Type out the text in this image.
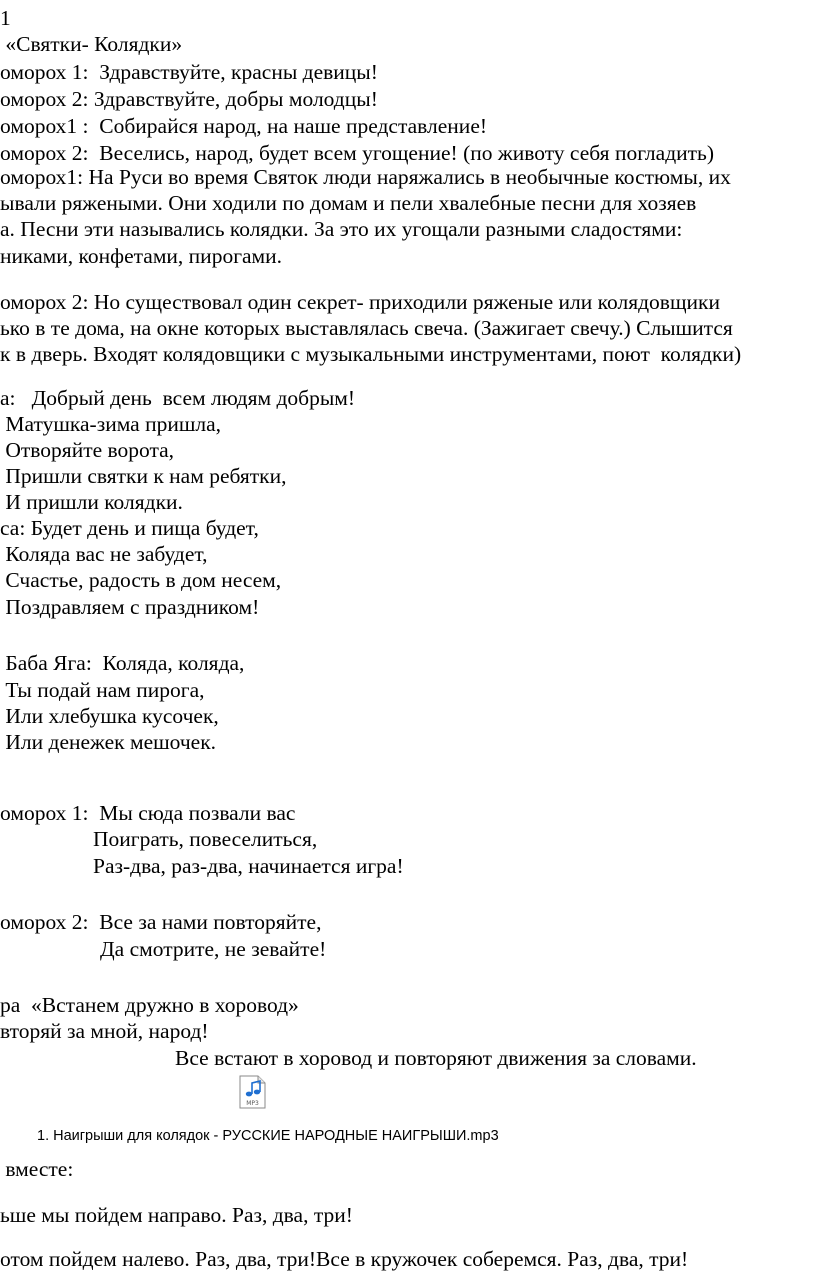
1

«Святки- Колядки»

оморох 1:  Здравствуйте, красны девицы!

оморох 2: Здравствуйте, добры молодцы!

оморох1 :  Собирайся народ, на наше представление!

оморох 2:  Веселись, народ, будет всем угощение! (по животу себя погладить)

оморох1: На Руси во время Святок люди наряжались в необычные костюмы, их

ывали ряжеными. Они ходили по домам и пели хвалебные песни для хозяев

а. Песни эти назывались колядки. За это их угощали разными сладостями:

никами, конфетами, пирогами.

оморох 2: Но существовал один секрет- приходили ряженые или колядовщики

ько в те дома, на окне которых выставлялась свеча. (Зажигает свечу.) Слышится

к в дверь. Входят колядовщики с музыкальными инструментами, поют  колядки)

а:   Добрый день  всем людям добрым!

Матушка-зима пришла,

Отворяйте ворота,

Пришли святки к нам ребятки,

И пришли колядки.

са: Будет день и пища будет,

Коляда вас не забудет,

Счастье, радость в дом несем,

Поздравляем с праздником!

Баба Яга:  Коляда, коляда,

Ты подай нам пирога,

Или хлебушка кусочек,

Или денежек мешочек.

оморох 1:  Мы сюда позвали вас

Поиграть, повеселиться,

Раз-два, раз-два, начинается игра!

оморох 2:  Все за нами повторяйте,

Да смотрите, не зевайте!

ра  «Встанем дружно в хоровод»

вторяй за мной, народ!

Все встают в хоровод и повторяют движения за словами.

MP3

1. Наигрыши для колядок - РУССКИЕ НАРОДНЫЕ НАИГРЫШИ.mp3

вместе:

ьше мы пойдем направо. Раз, два, три!

отом пойдем налево. Раз, два, три!Все в кружочек соберемся. Раз, два, три!
